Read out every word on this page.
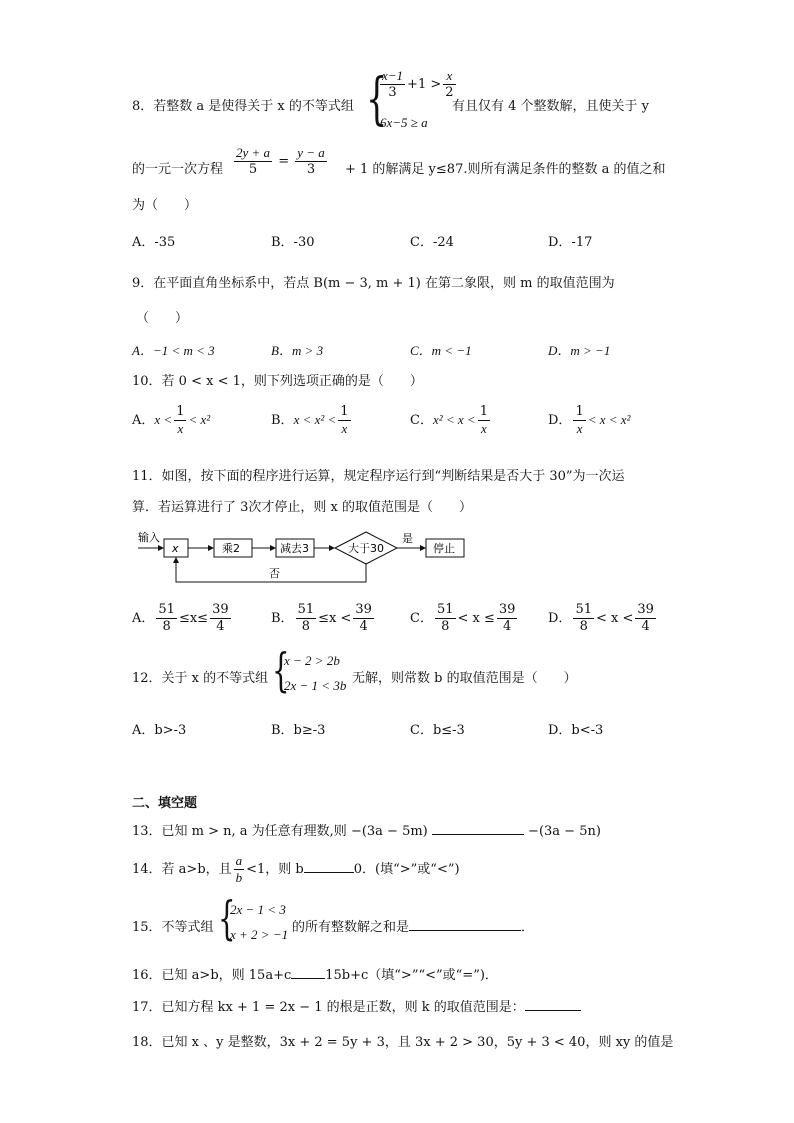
8．若整数 a 是使得关于 x 的不等式组 {
$\frac{x-1}{3} +1 > \frac{x}{2}$
6x−5 ≥ a
有且仅有 4 个整数解，且使关于 y
的一元一次方程 $\frac{2y + a}{5} = \frac{y - a}{3} + 1$ 的解满足 y≤87.则所有满足条件的整数 a 的值之和
为（　　）
A．-35	B．-30	C．-24	D．-17
9．在平面直角坐标系中，若点 B(m − 3, m + 1) 在第二象限，则 m 的取值范围为
（　　）
A．−1 < m < 3	B．m > 3	C．m < −1	D．m > −1
10．若 0 < x < 1，则下列选项正确的是（　　）
A．$x < \frac{1}{x} < x^2$	B．$x < x^2 < \frac{1}{x}$	C．$x^2 < x < \frac{1}{x}$	D． $\frac{1}{x} < x < x^2$
11．如图，按下面的程序进行运算，规定程序运行到“判断结果是否大于 30”为一次运
算．若运算进行了 3次才停止，则 x 的取值范围是（　　）
输入
x	乘2	减去3	大于30
是
停止
否
A． $\frac{51}{8} \le x\le \frac{39}{4}$	B． $\frac{51}{8} \le x < \frac{39}{4}$	C． $\frac{51}{8} < x \le \frac{39}{4}$ D． $\frac{51}{8} < x < \frac{39}{4}$
12．关于 x 的不等式组 {
x − 2 > 2b
2x − 1 < 3b 无解，则常数 b 的取值范围是（　　）
A．b>-3	B．b≥-3	C．b≤-3	D．b<-3
二、填空题
13．已知 m > n, a 为任意有理数,则 −(3a − 5m)	−(3a − 5n)
14．若 a>b，且 $\frac{a}{b} <1$，则 b	0．(填“>”或“<”)
15．不等式组 {
2x − 1 < 3
x + 2 > −1 的所有整数解之和是	．
16．已知 a>b，则 15a+c	15b+c（填“>”“<”或“=”)．
17．已知方程 kx + 1 = 2x − 1 的根是正数，则 k 的取值范围是：
18．已知 x 、y 是整数，3x + 2 = 5y + 3，且 3x + 2 > 30，5y + 3 < 40，则 xy 的值是
